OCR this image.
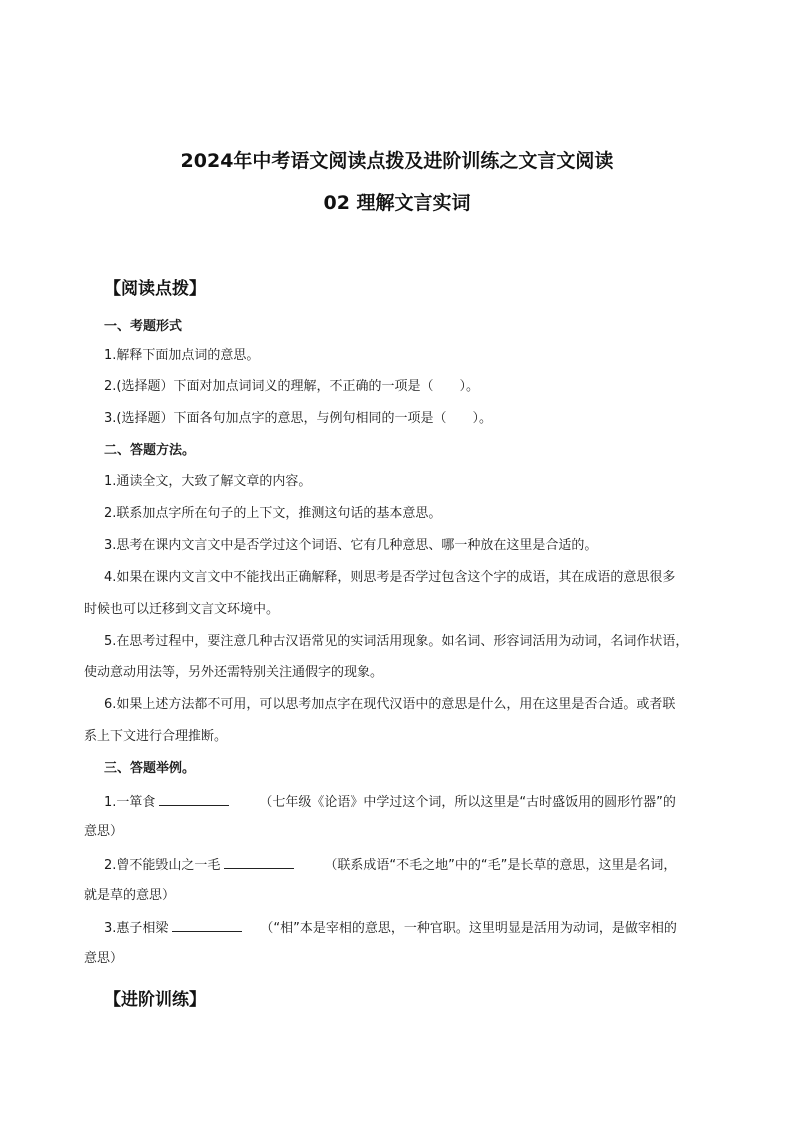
2024年中考语文阅读点拨及进阶训练之文言文阅读
02 理解文言实词
【阅读点拨】
一、考题形式
1.解释下面加点词的意思。
2.(选择题）下面对加点词词义的理解，不正确的一项是（　　）。
3.(选择题）下面各句加点字的意思，与例句相同的一项是（　　）。
二、答题方法。
1.通读全文，大致了解文章的内容。
2.联系加点字所在句子的上下文，推测这句话的基本意思。
3.思考在课内文言文中是否学过这个词语、它有几种意思、哪一种放在这里是合适的。
4.如果在课内文言文中不能找出正确解释，则思考是否学过包含这个字的成语，其在成语的意思很多
时候也可以迁移到文言文环境中。
5.在思考过程中，要注意几种古汉语常见的实词活用现象。如名词、形容词活用为动词，名词作状语，
使动意动用法等，另外还需特别关注通假字的现象。
6.如果上述方法都不可用，可以思考加点字在现代汉语中的意思是什么，用在这里是否合适。或者联
系上下文进行合理推断。
三、答题举例。
1.一箪食	（七年级《论语》中学过这个词，所以这里是“古时盛饭用的圆形竹器”的
意思）
2.曾不能毁山之一毛	（联系成语“不毛之地”中的“毛”是长草的意思，这里是名词，
就是草的意思）
3.惠子相梁	（“相”本是宰相的意思，一种官职。这里明显是活用为动词，是做宰相的
意思）
【进阶训练】
